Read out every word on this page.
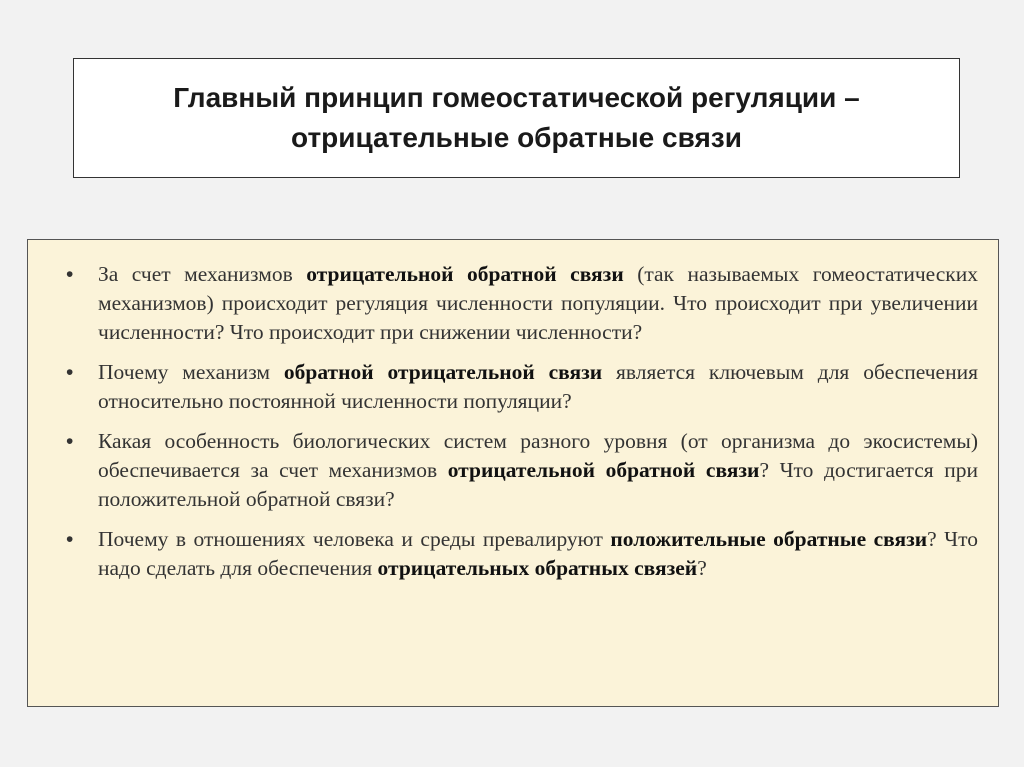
Главный принцип гомеостатической регуляции –
отрицательные обратные связи
• За счет механизмов отрицательной обратной связи (так называемых гомеостатических механизмов) происходит регуляция численности популяции. Что происходит при увеличении численности? Что происходит при снижении численности?
• Почему механизм обратной отрицательной связи является ключевым для обеспечения относительно постоянной численности популяции?
• Какая особенность биологических систем разного уровня (от организма до экосистемы) обеспечивается за счет механизмов отрицательной обратной связи? Что достигается при положительной обратной связи?
• Почему в отношениях человека и среды превалируют положительные обратные связи? Что надо сделать для обеспечения отрицательных обратных связей?
